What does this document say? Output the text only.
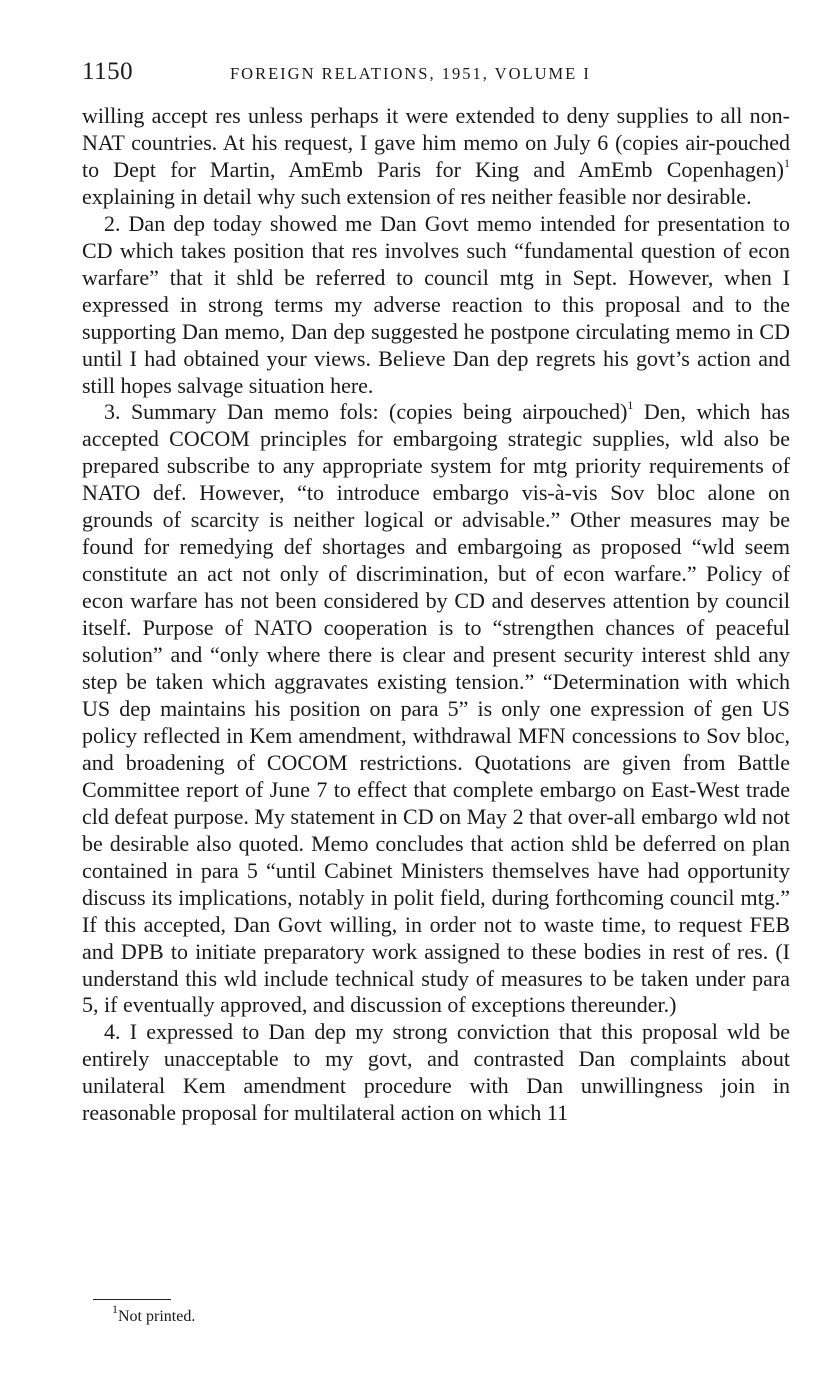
1150	FOREIGN RELATIONS, 1951, VOLUME I

willing accept res unless perhaps it were extended to deny supplies to all non-NAT countries. At his request, I gave him memo on July 6 (copies air-pouched to Dept for Martin, AmEmb Paris for King and AmEmb Copenhagen)$^1$ explaining in detail why such extension of res neither feasible nor desirable.

2. Dan dep today showed me Dan Govt memo intended for presentation to CD which takes position that res involves such “fundamental question of econ warfare” that it shld be referred to council mtg in Sept. However, when I expressed in strong terms my adverse reaction to this proposal and to the supporting Dan memo, Dan dep suggested he postpone circulating memo in CD until I had obtained your views. Believe Dan dep regrets his govt’s action and still hopes salvage situation here.

3. Summary Dan memo fols: (copies being airpouched)$^1$ Den, which has accepted COCOM principles for embargoing strategic supplies, wld also be prepared subscribe to any appropriate system for mtg priority requirements of NATO def. However, “to introduce embargo vis-à-vis Sov bloc alone on grounds of scarcity is neither logical or advisable.” Other measures may be found for remedying def shortages and embargoing as proposed “wld seem constitute an act not only of discrimination, but of econ warfare.” Policy of econ warfare has not been considered by CD and deserves attention by council itself. Purpose of NATO cooperation is to “strengthen chances of peaceful solution” and “only where there is clear and present security interest shld any step be taken which aggravates existing tension.” “Determination with which US dep maintains his position on para 5” is only one expression of gen US policy reflected in Kem amendment, withdrawal MFN concessions to Sov bloc, and broadening of COCOM restrictions. Quotations are given from Battle Committee report of June 7 to effect that complete embargo on East-West trade cld defeat purpose. My statement in CD on May 2 that over-all embargo wld not be desirable also quoted. Memo concludes that action shld be deferred on plan contained in para 5 “until Cabinet Ministers themselves have had opportunity discuss its implications, notably in polit field, during forthcoming council mtg.” If this accepted, Dan Govt willing, in order not to waste time, to request FEB and DPB to initiate preparatory work assigned to these bodies in rest of res. (I understand this wld include technical study of measures to be taken under para 5, if eventually approved, and discussion of exceptions thereunder.)

4. I expressed to Dan dep my strong conviction that this proposal wld be entirely unacceptable to my govt, and contrasted Dan complaints about unilateral Kem amendment procedure with Dan unwillingness join in reasonable proposal for multilateral action on which 11

$^1$Not printed.
